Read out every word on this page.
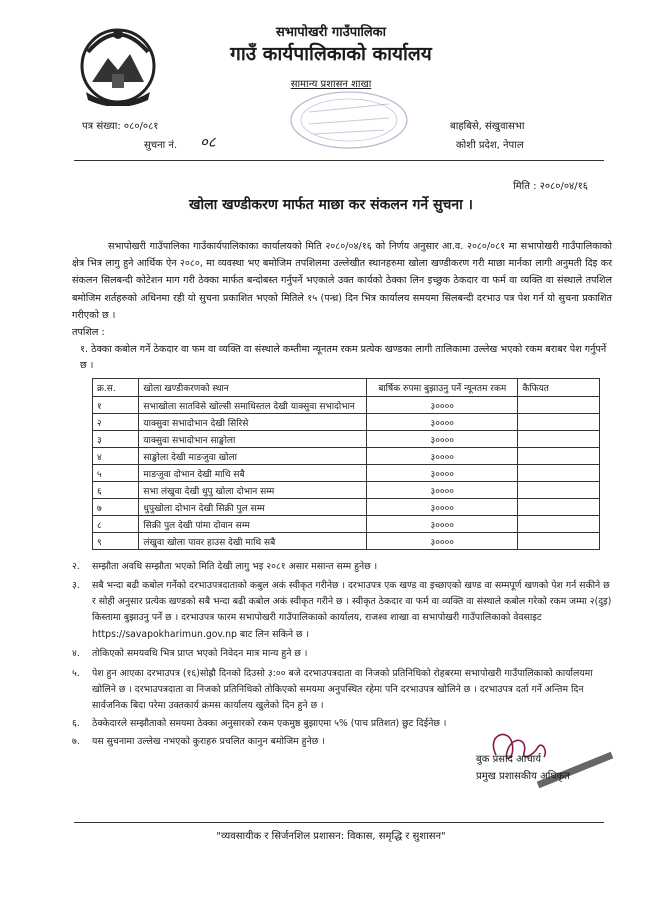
सभापोखरी गाउँपालिका
गाउँ कार्यपालिकाको कार्यालय
सामान्य प्रशासन शाखा
पत्र संख्या: ०८०/०८१
सुचना नं. ०८
बाहबिसे, संखुवासभा
कोशी प्रदेश, नेपाल
मिति : २०८०/०४/१६
खोला खण्डीकरण मार्फत माछा कर संकलन गर्ने सुचना ।
सभापोखरी गाउँपालिका गाउँकार्यपालिकाका कार्यालयको मिति २०८०/०४/१६ को निर्णय अनुसार आ.व. २०८०/०८१ मा सभापोखरी गाउँपालिकाको क्षेत्र भित्र लागु हुने आर्थिक ऐन २०८०, मा व्यवस्था भए बमोजिम तपशिलमा उल्लेखीत स्थानहरुमा खोला खण्डीकरण गरी माछा मार्नका लागी अनुमती दिइ कर संकलन सिलबन्दी कोटेशन माग गरी ठेक्का मार्फत बन्दोबस्त गर्नुपर्ने भएकाले उक्त कार्यको ठेक्का लिन इच्छुक ठेकदार वा फर्म वा व्यक्ति वा संस्थाले तपशिल बमोजिम शर्तहरुको अधिनमा रही यो सुचना प्रकाशित भएको मितिले १५ (पन्ध्र) दिन भित्र कार्यालय समयमा सिलबन्दी दरभाउ पत्र पेश गर्न यो सुचना प्रकाशित गरीएको छ ।
तपशिल :
१. ठेक्का कबोल गर्ने ठेकदार वा फम वा व्यक्ति वा संस्थाले कम्तीमा न्यूनतम रकम प्रत्येक खण्डका लागी तालिकामा उल्लेख भएको रकम बराबर पेश गर्नुपर्ने छ ।
क्र.स.	खोला खण्डीकरणको स्थान	बार्षिक रुपमा बुझाउनु पर्ने न्यूनतम रकम	कैफियत
१	सभाखोला सातविसे खोल्सी समाधिस्तल देखी याक्सुवा सभादोभान	३००००	
२	याक्सुवा सभादोभान देखी सिरिसे	३००००	
३	याक्सुवा सभादोभान साङ्खोला	३००००	
४	साङ्खोला देखी माङजुवा खोला	३००००	
५	माङजुवा दोभान देखी माथि सबै	३००००	
६	सभा लंखुवा देखी धुपु खोला दोभान सम्म	३००००	
७	धुपुखोला दोभान देखी सिक्री पुल सम्म	३००००	
८	सिक्री पुल देखी पांमा दोवान सम्म	३००००	
९	लंखुवा खोला पावर हाउस देखी माथि सबै	३००००	
२. सम्झौता अवधि सम्झौता भएको मिति देखी लागु भइ २०८१ असार मसान्त सम्म हुनेछ ।
३. सबै भन्दा बढी कबोल गर्नेको दरभाउपत्रदाताको कबुल अकं स्वीकृत गरीनेछ । दरभाउपत्र एक खण्ड वा इच्छाएको खण्ड वा सम्मपूर्ण खणको पेश गर्न सकीने छ र सोही अनुसार प्रत्येक खण्डको सबै भन्दा बढी कबोल अकं स्वीकृत गरीने छ । स्वीकृत ठेकदार वा फर्म वा व्यक्ति वा संस्थाले कबोल गरेको रकम जम्मा २(दुइ) किस्तामा बुझाउनु पर्ने छ । दरभाउपत्र फारम सभापोखरी गाउँपालिकाको कार्यालय, राजश्व शाखा वा सभापोखरी गाउँपालिकाको वेवसाइट https://savapokharimun.gov.np बाट लिन सकिने छ ।
४. तोकिएको समयवधि भित्र प्राप्त भएको निवेदन मात्र मान्य हुने छ ।
५. पेश हुन आएका दरभाउपत्र (१६)सोह्रौ दिनको दिउसो ३:०० बजे दरभाउपत्रदाता वा निजको प्रतिनिधिको रोहबरमा सभापोखरी गाउँपालिकाको कार्यालयमा खोलिने छ । दरभाउपत्रदाता वा निजको प्रतिनिधिको तोकिएको समयमा अनुपस्थित रहेमा पनि दरभाउपत्र खोलिने छ । दरभाउपत्र दर्ता गर्ने अन्तिम दिन सार्वजनिक बिदा परेमा उक्तकार्य क्रमस कार्यालय खुलेको दिन हुने छ ।
६. ठेक्केदारले सम्झौताको समयमा ठेक्का अनुसारको रकम एकमुष्ठ बुझाएमा ५% (पाच प्रतिशत) छुट दिईनेछ ।
७. यस सुचनामा उल्लेख नभएको कुराहरु प्रचलित कानुन बमोजिम हुनेछ ।
बुक प्रसाद आचार्य
प्रमुख प्रशासकीय अधिकृत
"व्यवसायीक र सिर्जनशिल प्रशासन: विकास, समृद्धि र सुशासन"
